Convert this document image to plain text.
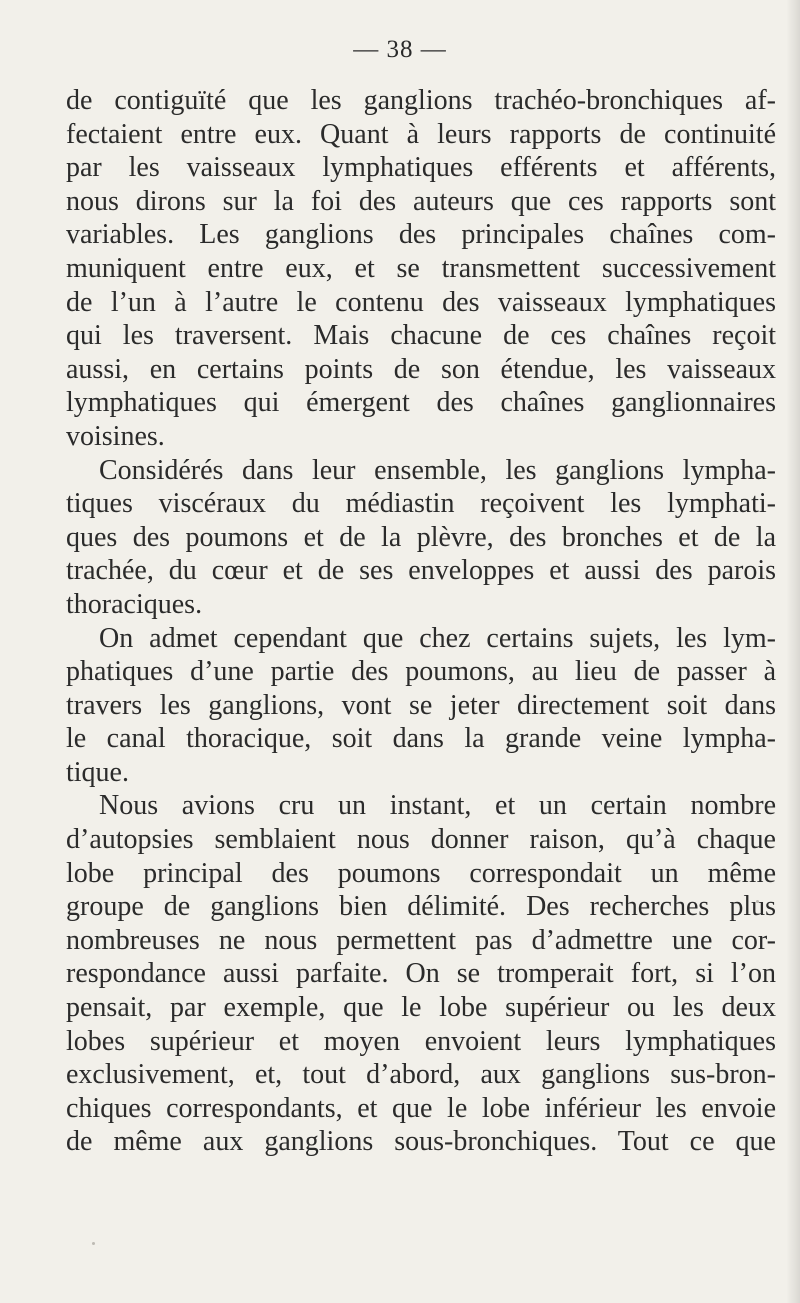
— 38 —
de contiguïté que les ganglions trachéo-bronchiques af-
fectaient entre eux. Quant à leurs rapports de continuité
par les vaisseaux lymphatiques efférents et afférents,
nous dirons sur la foi des auteurs que ces rapports sont
variables. Les ganglions des principales chaînes com-
muniquent entre eux, et se transmettent successivement
de l’un à l’autre le contenu des vaisseaux lymphatiques
qui les traversent. Mais chacune de ces chaînes reçoit
aussi, en certains points de son étendue, les vaisseaux
lymphatiques qui émergent des chaînes ganglionnaires
voisines.
Considérés dans leur ensemble, les ganglions lympha-
tiques viscéraux du médiastin reçoivent les lymphati-
ques des poumons et de la plèvre, des bronches et de la
trachée, du cœur et de ses enveloppes et aussi des parois
thoraciques.
On admet cependant que chez certains sujets, les lym-
phatiques d’une partie des poumons, au lieu de passer à
travers les ganglions, vont se jeter directement soit dans
le canal thoracique, soit dans la grande veine lympha-
tique.
Nous avions cru un instant, et un certain nombre
d’autopsies semblaient nous donner raison, qu’à chaque
lobe principal des poumons correspondait un même
groupe de ganglions bien délimité. Des recherches plus
nombreuses ne nous permettent pas d’admettre une cor-
respondance aussi parfaite. On se tromperait fort, si l’on
pensait, par exemple, que le lobe supérieur ou les deux
lobes supérieur et moyen envoient leurs lymphatiques
exclusivement, et, tout d’abord, aux ganglions sus-bron-
chiques correspondants, et que le lobe inférieur les envoie
de même aux ganglions sous-bronchiques. Tout ce que
